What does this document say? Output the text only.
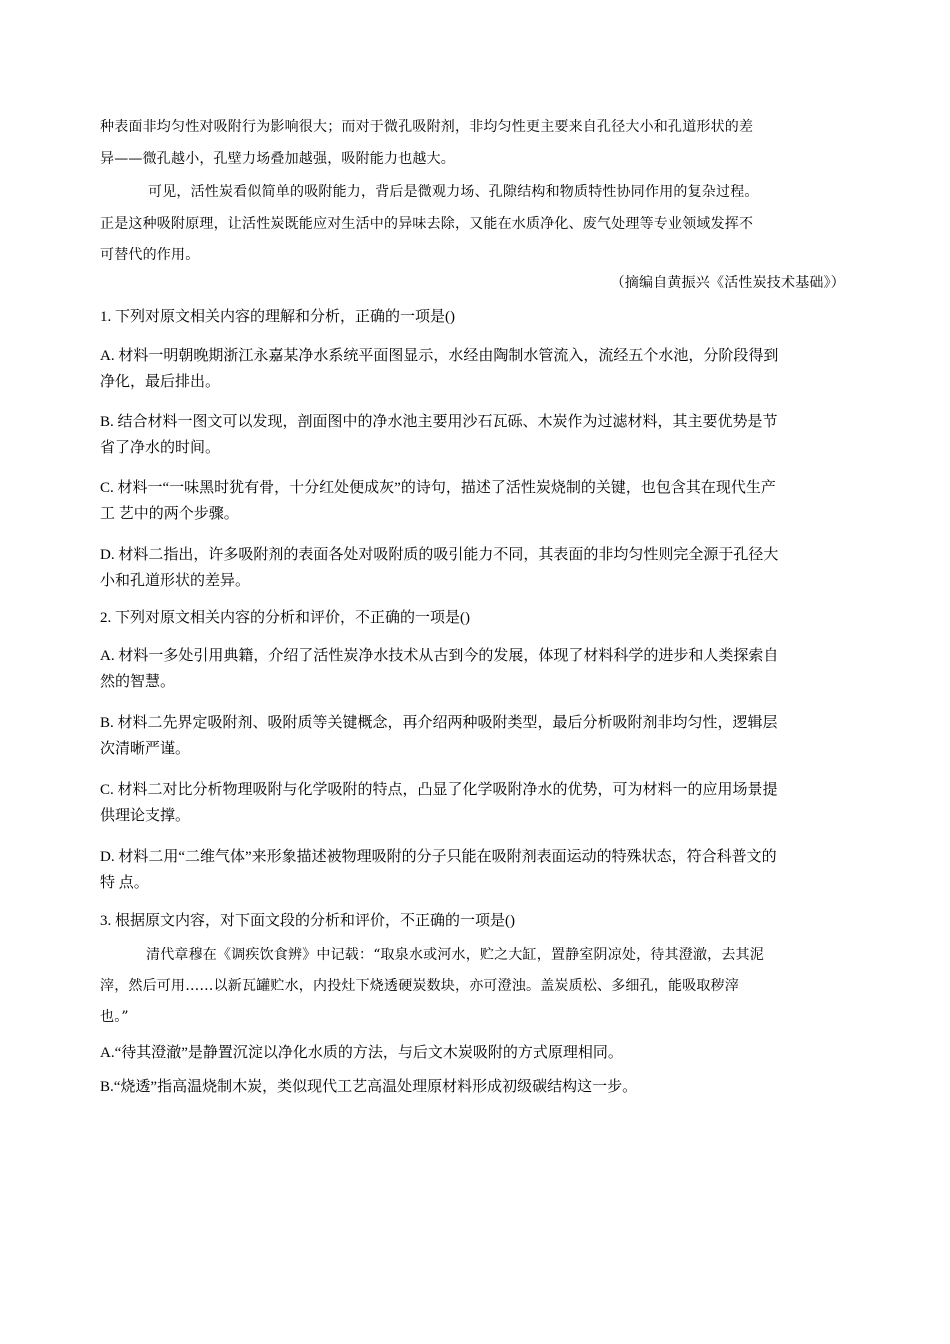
种表面非均匀性对吸附行为影响很大；而对于微孔吸附剂，非均匀性更主要来自孔径大小和孔道形状的差
异——微孔越小，孔壁力场叠加越强，吸附能力也越大。
可见，活性炭看似简单的吸附能力，背后是微观力场、孔隙结构和物质特性协同作用的复杂过程。
正是这种吸附原理，让活性炭既能应对生活中的异味去除，又能在水质净化、废气处理等专业领域发挥不
可替代的作用。
（摘编自黄振兴《活性炭技术基础》）
1. 下列对原文相关内容的理解和分析，正确的一项是()
A. 材料一明朝晚期浙江永嘉某净水系统平面图显示，水经由陶制水管流入，流经五个水池，分阶段得到
净化，最后排出。
B. 结合材料一图文可以发现，剖面图中的净水池主要用沙石瓦砾、木炭作为过滤材料，其主要优势是节
省了净水的时间。
C. 材料一“一味黑时犹有骨，十分红处便成灰”的诗句，描述了活性炭烧制的关键，也包含其在现代生产
工 艺中的两个步骤。
D. 材料二指出，许多吸附剂的表面各处对吸附质的吸引能力不同，其表面的非均匀性则完全源于孔径大
小和孔道形状的差异。
2. 下列对原文相关内容的分析和评价，不正确的一项是()
A. 材料一多处引用典籍，介绍了活性炭净水技术从古到今的发展，体现了材料科学的进步和人类探索自
然的智慧。
B. 材料二先界定吸附剂、吸附质等关键概念，再介绍两种吸附类型，最后分析吸附剂非均匀性，逻辑层
次清晰严谨。
C. 材料二对比分析物理吸附与化学吸附的特点，凸显了化学吸附净水的优势，可为材料一的应用场景提
供理论支撑。
D. 材料二用“二维气体”来形象描述被物理吸附的分子只能在吸附剂表面运动的特殊状态，符合科普文的
特 点。
3. 根据原文内容，对下面文段的分析和评价，不正确的一项是()
清代章穆在《调疾饮食辨》中记载：“取泉水或河水，贮之大缸，置静室阴凉处，待其澄澈，去其泥
滓，然后可用……以新瓦罐贮水，内投灶下烧透硬炭数块，亦可澄浊。盖炭质松、多细孔，能吸取秽滓
也。”
A.“待其澄澈”是静置沉淀以净化水质的方法，与后文木炭吸附的方式原理相同。
B.“烧透”指高温烧制木炭，类似现代工艺高温处理原材料形成初级碳结构这一步。
